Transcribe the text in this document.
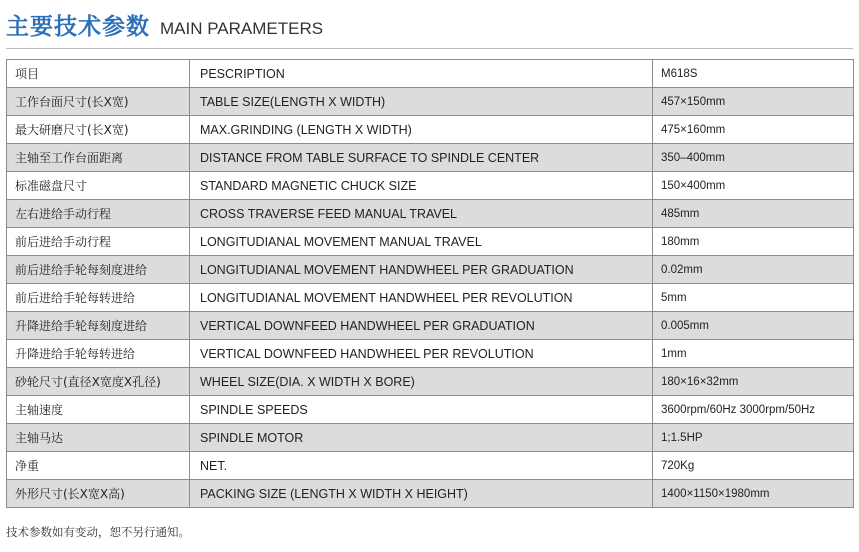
主要技术参数 MAIN PARAMETERS
项目	PESCRIPTION	M618S
工作台面尺寸(长X宽)	TABLE SIZE(LENGTH X WIDTH)	457×150mm
最大研磨尺寸(长X宽)	MAX.GRINDING (LENGTH X WIDTH)	475×160mm
主轴至工作台面距离	DISTANCE FROM TABLE SURFACE TO SPINDLE CENTER	350–400mm
标准磁盘尺寸	STANDARD MAGNETIC CHUCK SIZE	150×400mm
左右进给手动行程	CROSS TRAVERSE FEED MANUAL TRAVEL	485mm
前后进给手动行程	LONGITUDIANAL MOVEMENT MANUAL TRAVEL	180mm
前后进给手轮每刻度进给	LONGITUDIANAL MOVEMENT HANDWHEEL PER GRADUATION	0.02mm
前后进给手轮每转进给	LONGITUDIANAL MOVEMENT HANDWHEEL PER REVOLUTION	5mm
升降进给手轮每刻度进给	VERTICAL DOWNFEED HANDWHEEL PER GRADUATION	0.005mm
升降进给手轮每转进给	VERTICAL DOWNFEED HANDWHEEL PER REVOLUTION	1mm
砂轮尺寸(直径X宽度X孔径)	WHEEL SIZE(DIA. X WIDTH X BORE)	180×16×32mm
主轴速度	SPINDLE SPEEDS	3600rpm/60Hz 3000rpm/50Hz
主轴马达	SPINDLE MOTOR	1;1.5HP
净重	NET.	720Kg
外形尺寸(长X宽X高)	PACKING SIZE (LENGTH X WIDTH X HEIGHT)	1400×1150×1980mm
技术参数如有变动，恕不另行通知。
